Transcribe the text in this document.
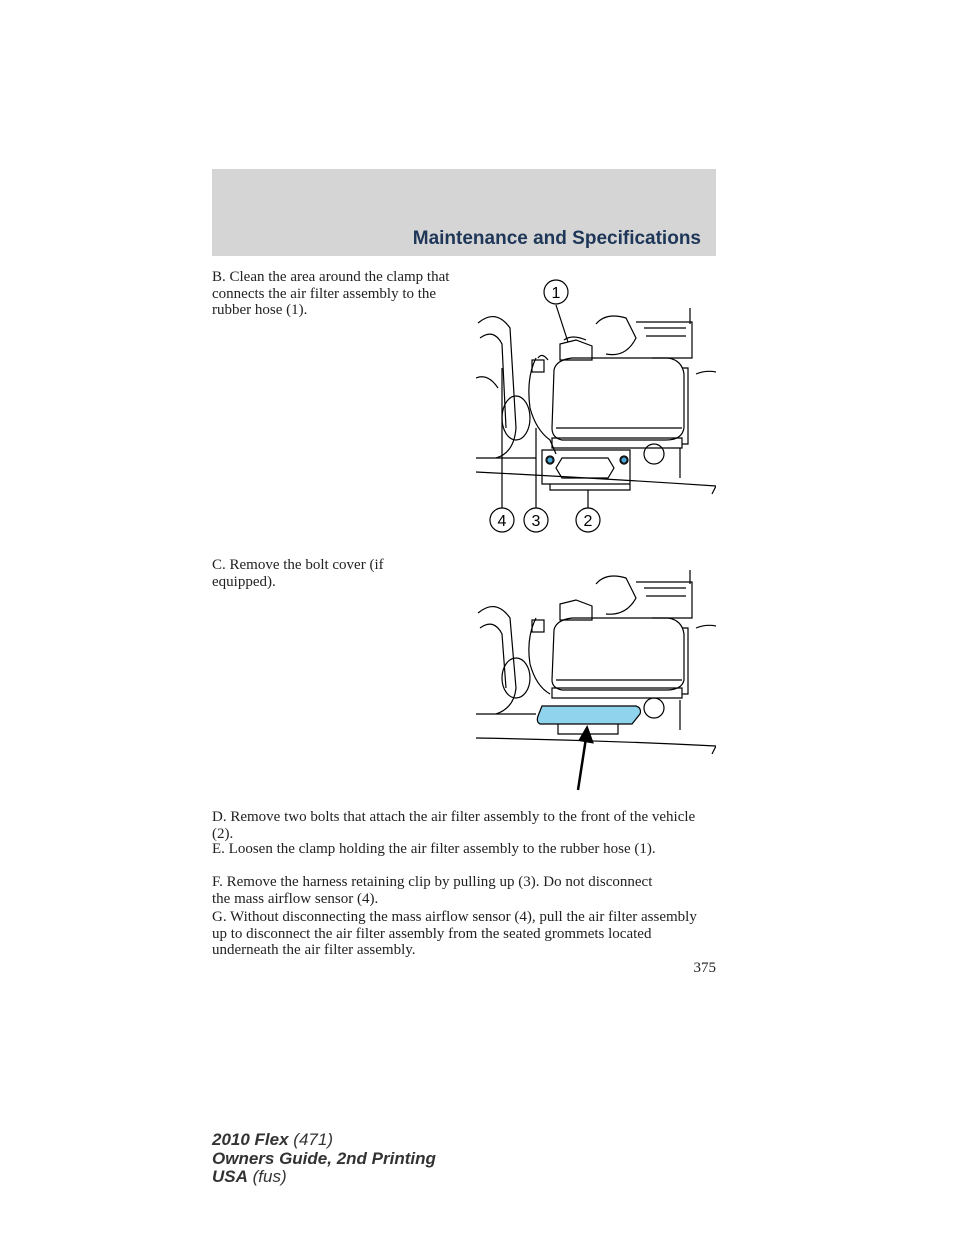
Maintenance and Specifications
B. Clean the area around the clamp that connects the air filter assembly to the rubber hose (1).
1
4 3	2
C. Remove the bolt cover (if equipped).
D. Remove two bolts that attach the air filter assembly to the front of the vehicle (2).
E. Loosen the clamp holding the air filter assembly to the rubber hose (1).
F. Remove the harness retaining clip by pulling up (3). Do not disconnect the mass airflow sensor (4).
G. Without disconnecting the mass airflow sensor (4), pull the air filter assembly up to disconnect the air filter assembly from the seated grommets located underneath the air filter assembly.
375
2010 Flex (471)
Owners Guide, 2nd Printing
USA (fus)
